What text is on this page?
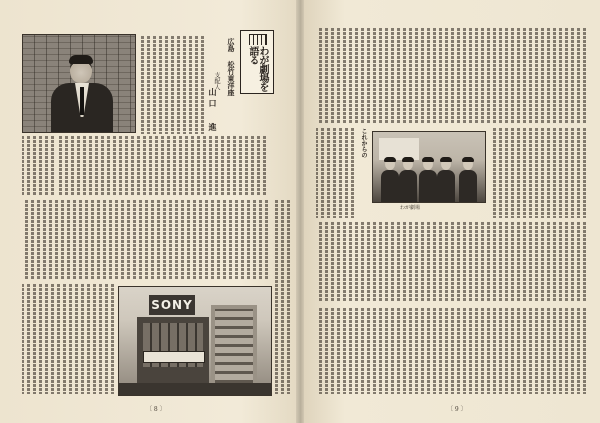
わが劇場を語る
広島 松竹東洋座
支配人
山口 進
SONY
〔 8 〕
これからの
わが劇場
〔 9 〕
